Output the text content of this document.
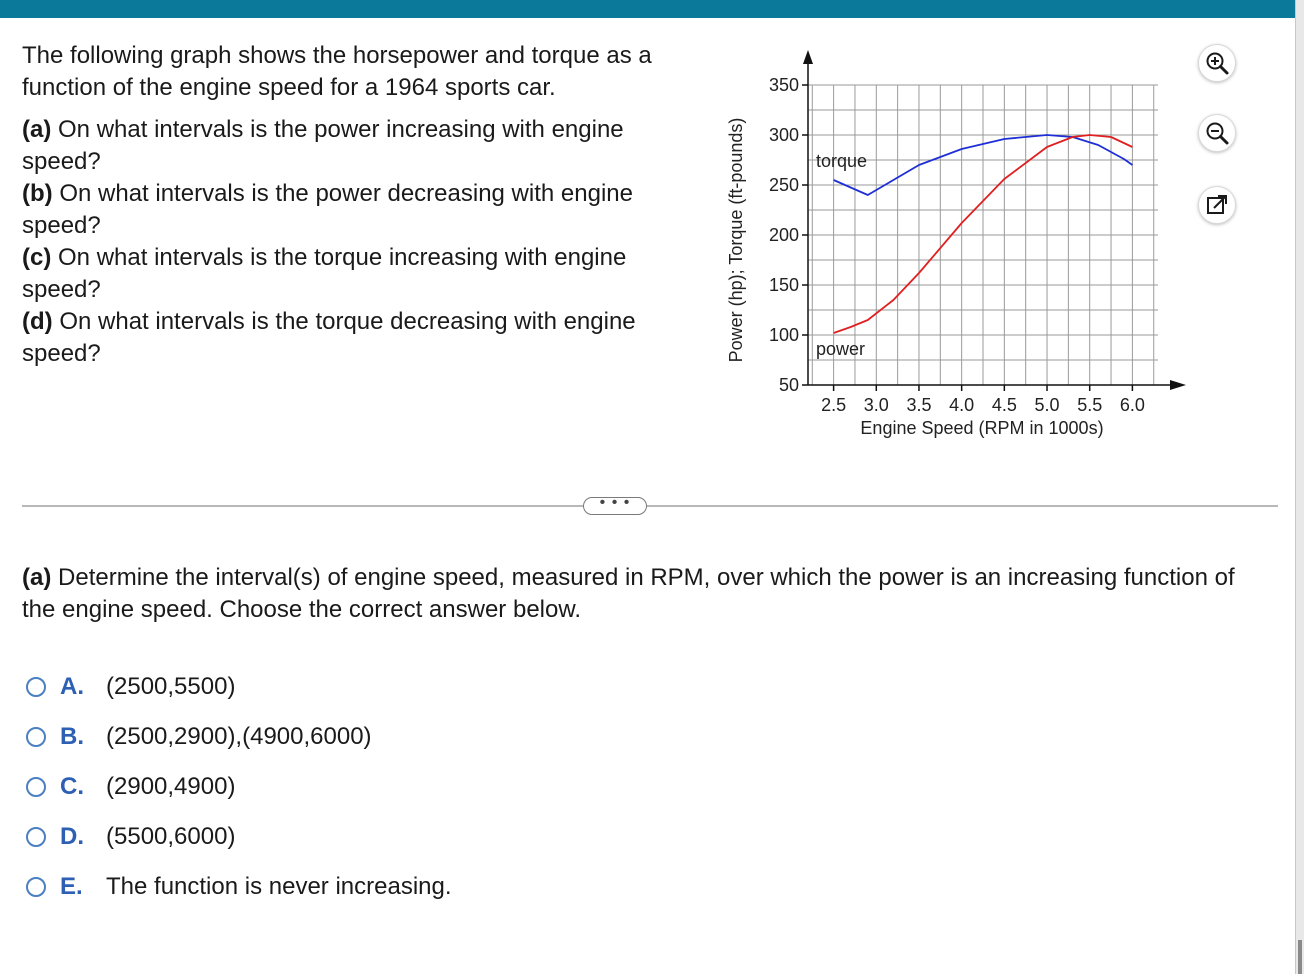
The following graph shows the horsepower and torque as a function of the engine speed for a 1964 sports car.

(a) On what intervals is the power increasing with engine speed?

(b) On what intervals is the power decreasing with engine speed?

(c) On what intervals is the torque increasing with engine speed?

(d) On what intervals is the torque decreasing with engine speed?

350
300
250
200
150
100
50
2.5 3.0 3.5 4.0 4.5 5.0 5.5 6.0
Power (hp); Torque (ft-pounds)
Engine Speed (RPM in 1000s)
torque
power
• • •
(a) Determine the interval(s) of engine speed, measured in RPM, over which the power is an increasing function of the engine speed. Choose the correct answer below.
A. (2500,5500)
B. (2500,2900),(4900,6000)
C. (2900,4900)
D. (5500,6000)
E. The function is never increasing.
